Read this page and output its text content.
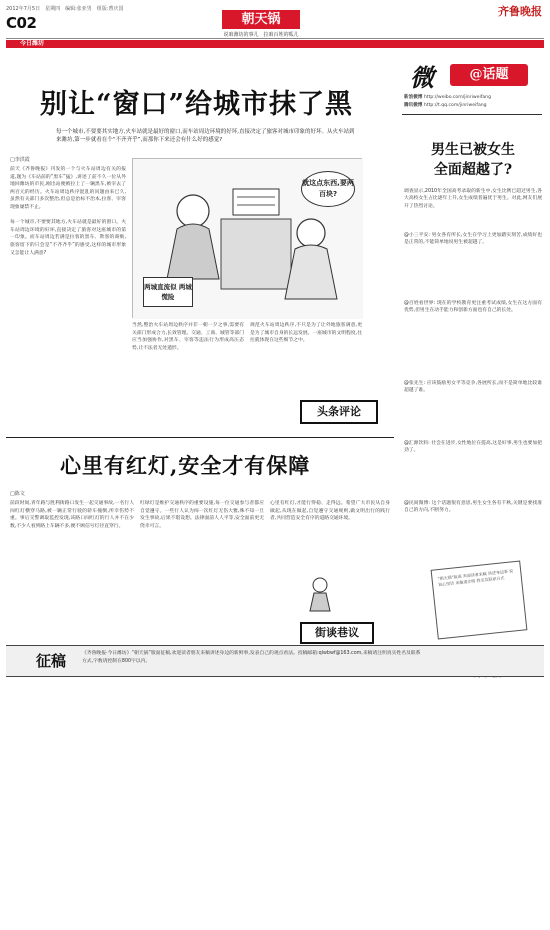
2012年7月5日　星期四　编辑:张亚男　组版:曹庆国	齐鲁晚报
C02	朝天锅
说咱潍坊的事儿　拉咱百姓的呱儿
今日潍坊
别让“窗口”给城市抹了黑
每一个城市,不要要其实地方,火车站就是最好的窗口,而车站周边环境的好坏,直接决定了旅客对城市印象的好坏。从火车站到来潍坊,第一步就看在个“不齐齐乎”,而那你下来还会有什么好的感觉?
□李洪霞
前天《齐鲁晚报》刊发的一个与火车站周边有关的报道,题为《车站前的“黑车”猛》,讲述了前不久一位从外地回潍坊的市民,刚出站便被拉上了一辆黑车,被宰去了两百元的经历。火车站周边秩序混乱的问题由来已久,虽然有关部门多次整治,但总是治标不治本,拉客、宰客现象屡禁不止。

每一个城市,不要要其地方,火车站就是最好的窗口。火车站周边环境的好坏,直接决定了旅客对这座城市的第一印象。而车站周边若满是拉客的黑车、欺客的商贩,旅客留下的只会是“不齐齐乎”的感受,这样的城市形象又怎能让人满意?
就这点东西,要两百块?
两城直流似 两城慌险
当然,整治火车站周边秩序并非一朝一夕之事,需要有关部门形成合力,长效管理。交通、工商、城管等部门应当加强协作,对黑车、宰客等违法行为形成高压态势,让不法者无处遁形。
规范火车站周边秩序,不只是为了让外地旅客满意,更是为了城市自身的长远发展。一座城市的文明程度,往往就体现在这些细节之中。
头条评论
心里有红灯,安全才有保障
□陈文
前段时间,青年路与胜利街路口发生一起交通事故,一名行人闯红灯横穿马路,被一辆正常行驶的轿车撞倒,所幸伤势不重。事后交警调取监控发现,该路口闯红灯的行人并不在少数,不少人看到路上车辆不多,便不顾信号灯径直穿行。
红绿灯是维护交通秩序的重要设施,每一位交通参与者都应自觉遵守。一些行人认为闯一次红灯无伤大雅,殊不知一旦发生事故,后果不堪设想。法律面前人人平等,安全面前更无侥幸可言。
心里有红灯,才能行得稳、走得远。希望广大市民从自身做起,从现在做起,自觉遵守交通规则,做文明出行的践行者,共同营造安全有序的道路交通环境。
街谈巷议
微	@话题
新浪微博 http://weibo.com/jinriweifang
腾讯微博 http://t.qq.com/jinriweifang
男生已被女生
全面超越了?
调查显示,2010年全国高考录取的新生中,女生比例已超过男生,各大高校女生占比逐年上升,女生成绩普遍优于男生。对此,网友们展开了热烈讨论。
@小三平安: 男女各有所长,女生在学习上更加踏实刻苦,成绩好也是正常的,不能简单地说男生被超越了。
@百姓看世界: 现在的学校教育更注重考试成绩,女生在这方面有优势,但男生在动手能力和创新方面也有自己的长处。
@张先生: 应该鼓励男女平等竞争,各展所长,而不是简单地比较谁超越了谁。
@汇源饮料: 社会在进步,女性地位在提高,这是好事,男生也要加把劲了。
@民间微博: 这个话题很有意思,男生女生各有千秋,关键是要找准自己的方向,不断努力。
“朝天锅”版面 欢迎读者来稿 讲述身边事 说说心里话 来稿请注明 姓名及联系方式
征稿	《齐鲁晚报·今日潍坊》“朝天锅”版面征稿,欢迎读者朋友来稿讲述身边的新鲜事,发表自己的观点看法。投稿邮箱:qlwbwf@163.com,来稿请注明真实姓名及联系方式,字数请控制在800字以内。
